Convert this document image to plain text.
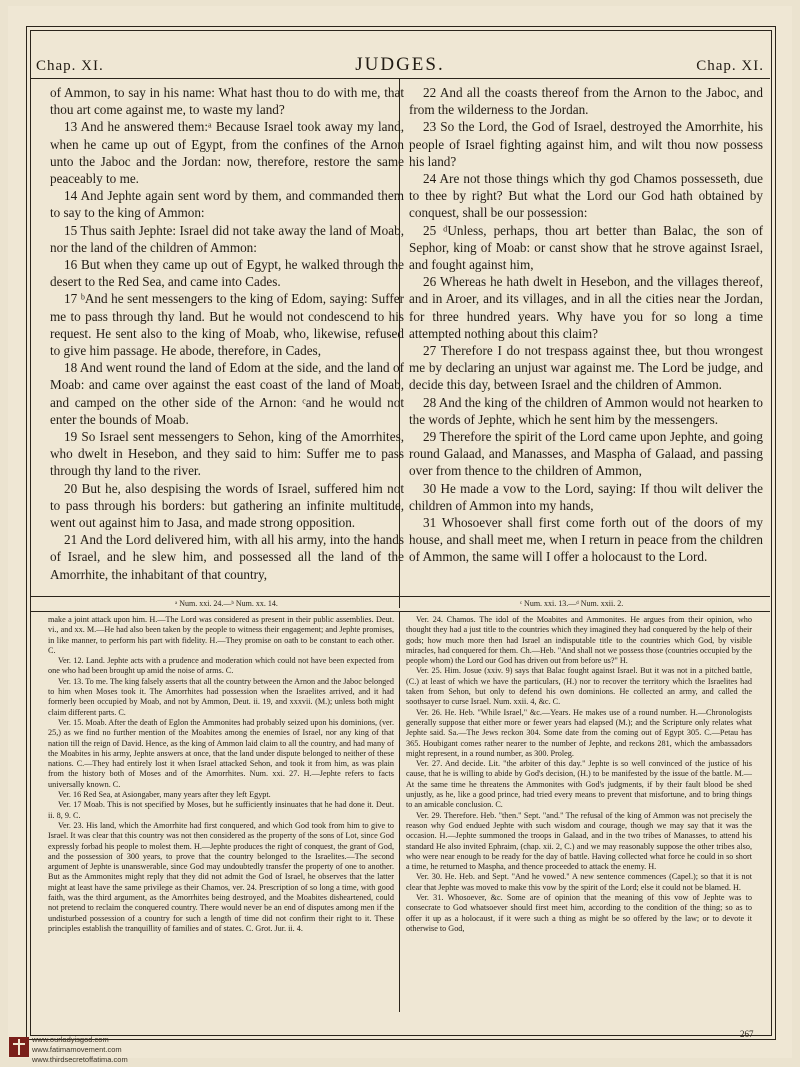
Chap. XI.	JUDGES.	Chap. XI.

of Ammon, to say in his name: What hast thou to do with me, that thou art come against me, to waste my land?

13 And he answered them:ᵃ Because Israel took away my land, when he came up out of Egypt, from the confines of the Arnon unto the Jaboc and the Jordan: now, therefore, restore the same peaceably to me.

14 And Jephte again sent word by them, and commanded them to say to the king of Ammon:

15 Thus saith Jephte: Israel did not take away the land of Moab, nor the land of the children of Ammon:

16 But when they came up out of Egypt, he walked through the desert to the Red Sea, and came into Cades.

17 ᵇAnd he sent messengers to the king of Edom, saying: Suffer me to pass through thy land. But he would not condescend to his request. He sent also to the king of Moab, who, likewise, refused to give him passage. He abode, therefore, in Cades,

18 And went round the land of Edom at the side, and the land of Moab: and came over against the east coast of the land of Moab, and camped on the other side of the Arnon: ᶜand he would not enter the bounds of Moab.

19 So Israel sent messengers to Sehon, king of the Amorrhites, who dwelt in Hesebon, and they said to him: Suffer me to pass through thy land to the river.

20 But he, also despising the words of Israel, suffered him not to pass through his borders: but gathering an infinite multitude, went out against him to Jasa, and made strong opposition.

21 And the Lord delivered him, with all his army, into the hands of Israel, and he slew him, and possessed all the land of the Amorrhite, the inhabitant of that country,

22 And all the coasts thereof from the Arnon to the Jaboc, and from the wilderness to the Jordan.

23 So the Lord, the God of Israel, destroyed the Amorrhite, his people of Israel fighting against him, and wilt thou now possess his land?

24 Are not those things which thy god Chamos possesseth, due to thee by right? But what the Lord our God hath obtained by conquest, shall be our possession:

25 ᵈUnless, perhaps, thou art better than Balac, the son of Sephor, king of Moab: or canst show that he strove against Israel, and fought against him,

26 Whereas he hath dwelt in Hesebon, and the villages thereof, and in Aroer, and its villages, and in all the cities near the Jordan, for three hundred years. Why have you for so long a time attempted nothing about this claim?

27 Therefore I do not trespass against thee, but thou wrongest me by declaring an unjust war against me. The Lord be judge, and decide this day, between Israel and the children of Ammon.

28 And the king of the children of Ammon would not hearken to the words of Jephte, which he sent him by the messengers.

29 Therefore the spirit of the Lord came upon Jephte, and going round Galaad, and Manasses, and Maspha of Galaad, and passing over from thence to the children of Ammon,

30 He made a vow to the Lord, saying: If thou wilt deliver the children of Ammon into my hands,

31 Whosoever shall first come forth out of the doors of my house, and shall meet me, when I return in peace from the children of Ammon, the same will I offer a holocaust to the Lord.

ᵃ Num. xxi. 24.—ᵇ Num. xx. 14.	ᶜ Num. xxi. 13.—ᵈ Num. xxii. 2.

make a joint attack upon him. H.—The Lord was considered as present in their public assemblies. Deut. vi., and xx. M.—He had also been taken by the people to witness their engagement; and Jephte promises, in like manner, to perform his part with fidelity. H.—They promise on oath to be constant to each other. C.

Ver. 12. Land. Jephte acts with a prudence and moderation which could not have been expected from one who had been brought up amid the noise of arms. C.

Ver. 13. To me. The king falsely asserts that all the country between the Arnon and the Jaboc belonged to him when Moses took it. The Amorrhites had possession when the Israelites arrived, and it had formerly been occupied by Moab, and not by Ammon, Deut. ii. 19, and xxxvii. (M.); unless both might claim different parts. C.

Ver. 15. Moab. After the death of Eglon the Ammonites had probably seized upon his dominions, (ver. 25,) as we find no further mention of the Moabites among the enemies of Israel, nor any king of that nation till the reign of David. Hence, as the king of Ammon laid claim to all the country, and had many of the Moabites in his army, Jephte answers at once, that the land under dispute belonged to neither of these nations. C.—They had entirely lost it when Israel attacked Sehon, and took it from him, as was plain from the history both of Moses and of the Amorrhites. Num. xxi. 27. H.—Jephte refers to facts universally known. C.

Ver. 16 Red Sea, at Asiongaber, many years after they left Egypt.

Ver. 17 Moab. This is not specified by Moses, but he sufficiently insinuates that he had done it. Deut. ii. 8, 9. C.

Ver. 23. His land, which the Amorrhite had first conquered, and which God took from him to give to Israel. It was clear that this country was not then considered as the property of the sons of Lot, since God expressly forbad his people to molest them. H.—Jephte produces the right of conquest, the grant of God, and the possession of 300 years, to prove that the country belonged to the Israelites.—The second argument of Jephte is unanswerable, since God may undoubtedly transfer the property of one to another. But as the Ammonites might reply that they did not admit the God of Israel, he observes that the latter might at least have the same privilege as their Chamos, ver. 24. Prescription of so long a time, with good faith, was the third argument, as the Amorrhites being destroyed, and the Moabites disheartened, could not pretend to reclaim the conquered country. There would never be an end of disputes among men if the undisturbed possession of a country for such a length of time did not confirm their right to it. These principles establish the tranquillity of families and of states. C. Grot. Jur. ii. 4.

Ver. 24. Chamos. The idol of the Moabites and Ammonites. He argues from their opinion, who thought they had a just title to the countries which they imagined they had conquered by the help of their gods; how much more then had Israel an indisputable title to the countries which God, by visible miracles, had conquered for them. Ch.—Heb. "And shall not we possess those (countries occupied by the people whom) the Lord our God has driven out from before us?" H.

Ver. 25. Him. Josue (xxiv. 9) says that Balac fought against Israel. But it was not in a pitched battle, (C.) at least of which we have the particulars, (H.) nor to recover the territory which the Israelites had taken from Sehon, but only to defend his own dominions. He collected an army, and called the soothsayer to curse Israel. Num. xxii. 4, &c. C.

Ver. 26. He. Heb. "While Israel," &c.—Years. He makes use of a round number. H.—Chronologists generally suppose that either more or fewer years had elapsed (M.); and the Scripture only relates what Jephte said. Sa.—The Jews reckon 304. Some date from the coming out of Egypt 305. C.—Petau has 365. Houbigant comes rather nearer to the number of Jephte, and reckons 281, which the ambassadors might represent, in a round number, as 300. Proleg.

Ver. 27. And decide. Lit. "the arbiter of this day." Jephte is so well convinced of the justice of his cause, that he is willing to abide by God's decision, (H.) to be manifested by the issue of the battle. M.—At the same time he threatens the Ammonites with God's judgments, if by their fault blood be shed unjustly, as he, like a good prince, had tried every means to prevent that misfortune, and to bring things to an amicable conclusion. C.

Ver. 29. Therefore. Heb. "then." Sept. "and." The refusal of the king of Ammon was not precisely the reason why God endued Jephte with such wisdom and courage, though we may say that it was the occasion. H.—Jephte summoned the troops in Galaad, and in the two tribes of Manasses, to attend his standard He also invited Ephraim, (chap. xii. 2, C.) and we may reasonably suppose the other tribes also, who were near enough to be ready for the day of battle. Having collected what force he could in so short a time, he returned to Maspha, and thence proceeded to attack the enemy. H.

Ver. 30. He. Heb. and Sept. "And he vowed." A new sentence commences (Capel.); so that it is not clear that Jephte was moved to make this vow by the spirit of the Lord; else it could not be blamed. H.

Ver. 31. Whosoever, &c. Some are of opinion that the meaning of this vow of Jephte was to consecrate to God whatsoever should first meet him, according to the condition of the thing; so as to offer it up as a holocaust, if it were such a thing as might be so offered by the law; or to devote it otherwise to God,

267
www.ourladyisgod.com
www.fatimamovement.com
www.thirdsecretoffatima.com
